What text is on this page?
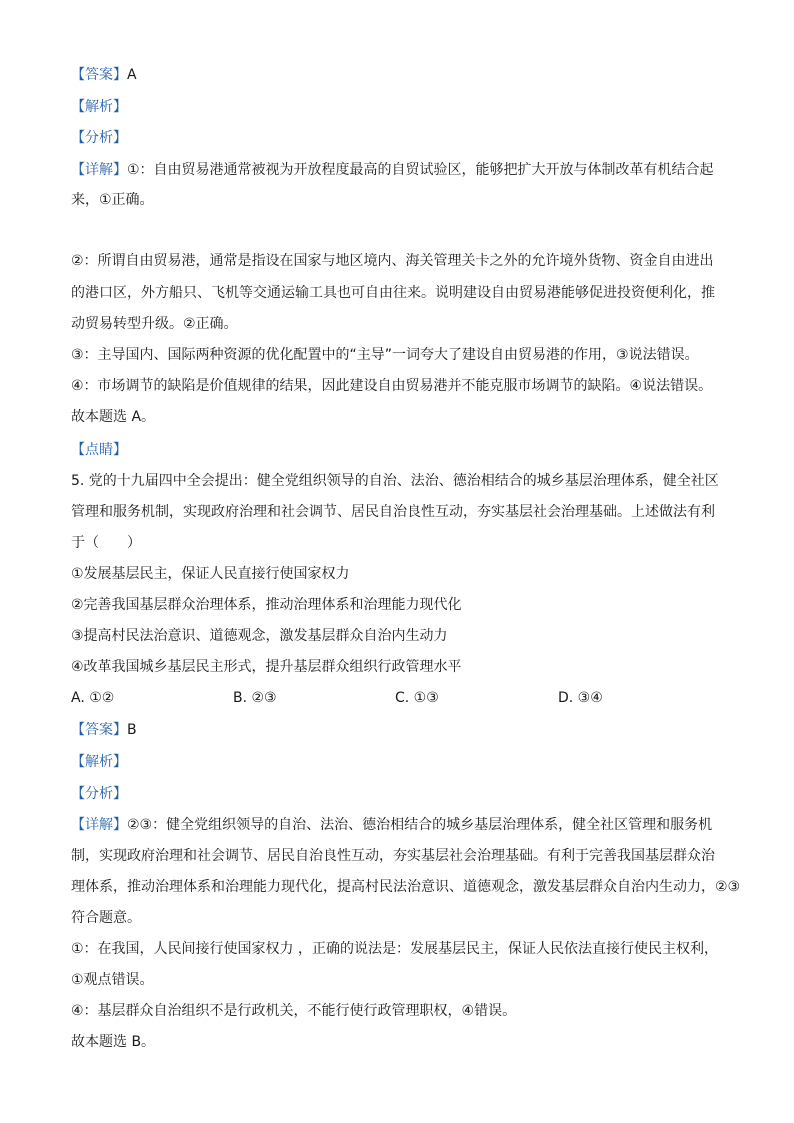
【答案】A
【解析】
【分析】
【详解】①：自由贸易港通常被视为开放程度最高的自贸试验区，能够把扩大开放与体制改革有机结合起
来，①正确。
②：所谓自由贸易港，通常是指设在国家与地区境内、海关管理关卡之外的允许境外货物、资金自由进出
的港口区，外方船只、飞机等交通运输工具也可自由往来。说明建设自由贸易港能够促进投资便利化，推
动贸易转型升级。②正确。
③：主导国内、国际两种资源的优化配置中的“主导”一词夸大了建设自由贸易港的作用，③说法错误。
④：市场调节的缺陷是价值规律的结果，因此建设自由贸易港并不能克服市场调节的缺陷。④说法错误。
故本题选 A。
【点睛】
5. 党的十九届四中全会提出：健全党组织领导的自治、法治、德治相结合的城乡基层治理体系，健全社区
管理和服务机制，实现政府治理和社会调节、居民自治良性互动，夯实基层社会治理基础。上述做法有利
于（　　）
①发展基层民主，保证人民直接行使国家权力
②完善我国基层群众治理体系，推动治理体系和治理能力现代化
③提高村民法治意识、道德观念，激发基层群众自治内生动力
④改革我国城乡基层民主形式，提升基层群众组织行政管理水平
A. ①②	B. ②③	C. ①③	D. ③④
【答案】B
【解析】
【分析】
【详解】②③：健全党组织领导的自治、法治、德治相结合的城乡基层治理体系，健全社区管理和服务机
制，实现政府治理和社会调节、居民自治良性互动，夯实基层社会治理基础。有利于完善我国基层群众治
理体系，推动治理体系和治理能力现代化，提高村民法治意识、道德观念，激发基层群众自治内生动力，②③
符合题意。
①：在我国，人民间接行使国家权力 ，正确的说法是：发展基层民主，保证人民依法直接行使民主权利，
①观点错误。
④：基层群众自治组织不是行政机关，不能行使行政管理职权，④错误。
故本题选 B。
